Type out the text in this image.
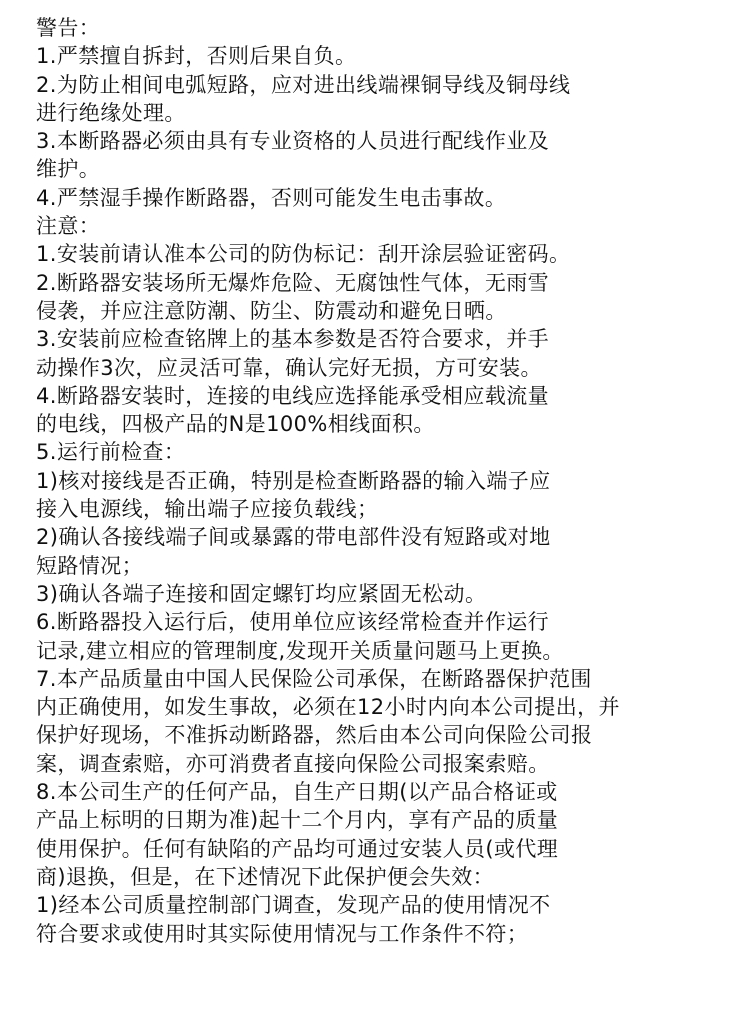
警告：
1.严禁擅自拆封，否则后果自负。
2.为防止相间电弧短路，应对进出线端裸铜导线及铜母线
进行绝缘处理。
3.本断路器必须由具有专业资格的人员进行配线作业及
维护。
4.严禁湿手操作断路器，否则可能发生电击事故。
注意：
1.安装前请认准本公司的防伪标记：刮开涂层验证密码。
2.断路器安装场所无爆炸危险、无腐蚀性气体，无雨雪
侵袭，并应注意防潮、防尘、防震动和避免日晒。
3.安装前应检查铭牌上的基本参数是否符合要求，并手
动操作3次，应灵活可靠，确认完好无损，方可安装。
4.断路器安装时，连接的电线应选择能承受相应载流量
的电线，四极产品的N是100%相线面积。
5.运行前检查：
1)核对接线是否正确，特别是检查断路器的输入端子应
接入电源线，输出端子应接负载线；
2)确认各接线端子间或暴露的带电部件没有短路或对地
短路情况；
3)确认各端子连接和固定螺钉均应紧固无松动。
6.断路器投入运行后，使用单位应该经常检查并作运行
记录,建立相应的管理制度,发现开关质量问题马上更换。
7.本产品质量由中国人民保险公司承保，在断路器保护范围
内正确使用，如发生事故，必须在12小时内向本公司提出，并
保护好现场，不准拆动断路器，然后由本公司向保险公司报
案，调查索赔，亦可消费者直接向保险公司报案索赔。
8.本公司生产的任何产品，自生产日期(以产品合格证或
产品上标明的日期为准)起十二个月内，享有产品的质量
使用保护。任何有缺陷的产品均可通过安装人员(或代理
商)退换，但是，在下述情况下此保护便会失效：
1)经本公司质量控制部门调查，发现产品的使用情况不
符合要求或使用时其实际使用情况与工作条件不符；
